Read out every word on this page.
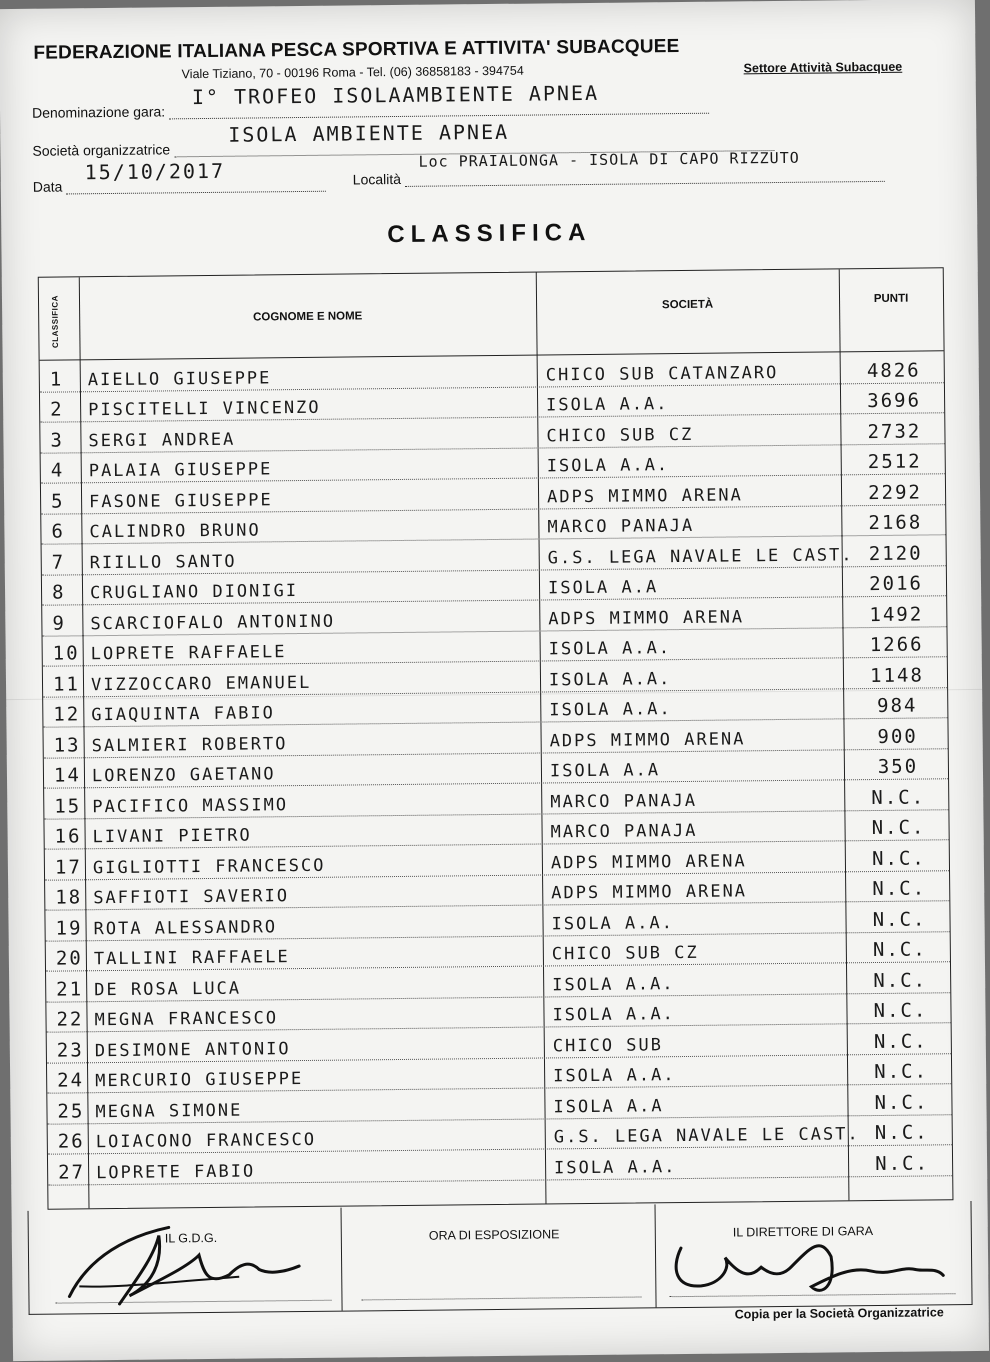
FEDERAZIONE ITALIANA PESCA SPORTIVA E ATTIVITA' SUBACQUEE
Viale Tiziano, 70 - 00196 Roma - Tel. (06) 36858183 - 394754	Settore Attività Subacquee
Denominazione gara:
I° TROFEO ISOLAAMBIENTE APNEA
Società organizzatrice
ISOLA AMBIENTE APNEA
Data
15/10/2017	Località
Loc PRAIALONGA - ISOLA DI CAPO RIZZUTO
CLASSIFICA
CLASSIFICA	COGNOME E NOME
SOCIETÀ	PUNTI
1	AIELLO GIUSEPPE	CHICO SUB CATANZARO	4826
2	PISCITELLI VINCENZO	ISOLA A.A.	3696
3	SERGI ANDREA	CHICO SUB CZ	2732
4	PALAIA GIUSEPPE	ISOLA A.A.	2512
5	FASONE GIUSEPPE	ADPS MIMMO ARENA	2292
6	CALINDRO BRUNO	MARCO PANAJA	2168
7	RIILLO SANTO	G.S. LEGA NAVALE LE CAST. 2120
8	CRUGLIANO DIONIGI	ISOLA A.A	2016
9	SCARCIOFALO ANTONINO	ADPS MIMMO ARENA	1492
10 LOPRETE RAFFAELE	ISOLA A.A.	1266
11 VIZZOCCARO EMANUEL	ISOLA A.A.	1148
12 GIAQUINTA FABIO	ISOLA A.A.	984
13 SALMIERI ROBERTO	ADPS MIMMO ARENA	900
14 LORENZO GAETANO	ISOLA A.A	350
15 PACIFICO MASSIMO	MARCO PANAJA	N.C.
16 LIVANI PIETRO	MARCO PANAJA	N.C.
17 GIGLIOTTI FRANCESCO	ADPS MIMMO ARENA	N.C.
18 SAFFIOTI SAVERIO	ADPS MIMMO ARENA	N.C.
19 ROTA ALESSANDRO	ISOLA A.A.	N.C.
20 TALLINI RAFFAELE	CHICO SUB CZ	N.C.
21 DE ROSA LUCA	ISOLA A.A.	N.C.
22 MEGNA FRANCESCO	ISOLA A.A.	N.C.
23 DESIMONE ANTONIO	CHICO SUB	N.C.
24 MERCURIO GIUSEPPE	ISOLA A.A.	N.C.
25 MEGNA SIMONE	ISOLA A.A	N.C.
26 LOIACONO FRANCESCO	G.S. LEGA NAVALE LE CAST. N.C.
27 LOPRETE FABIO	ISOLA A.A.	N.C.
IL G.D.G.	ORA DI ESPOSIZIONE	IL DIRETTORE DI GARA
Copia per la Società Organizzatrice
